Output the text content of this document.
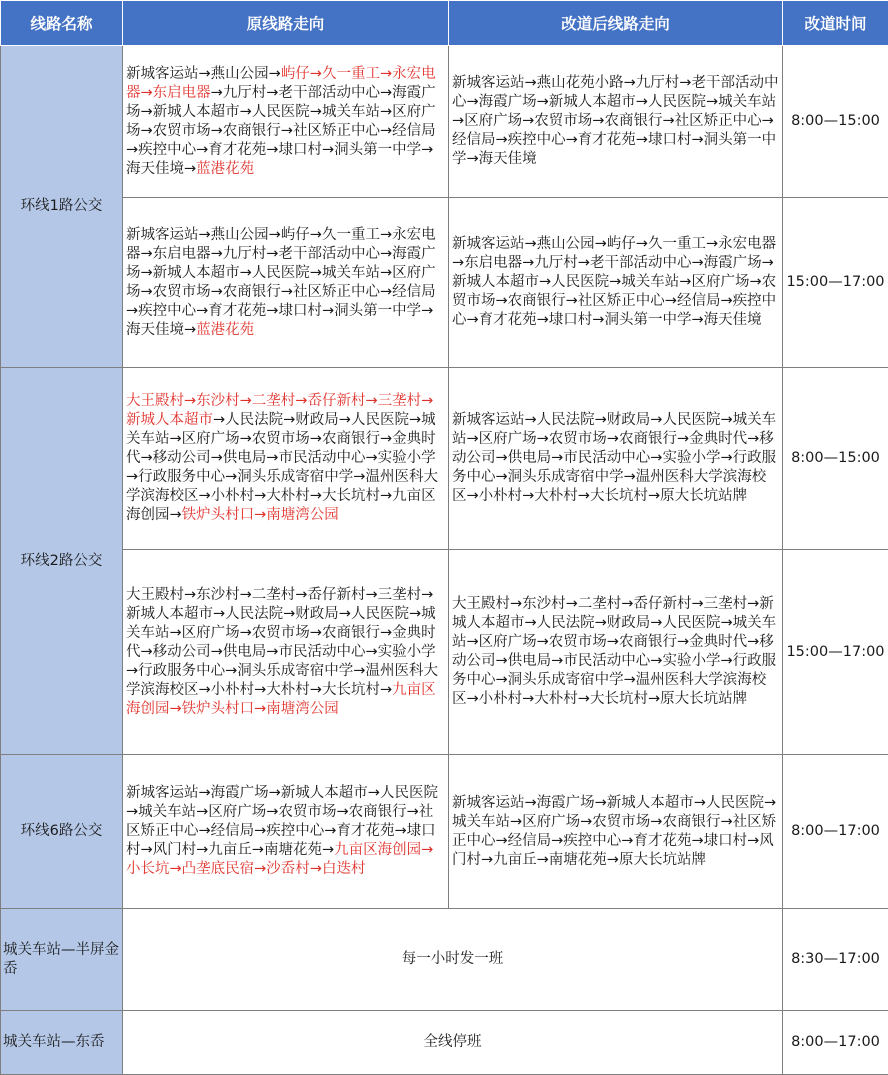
线路名称	原线路走向	改道后线路走向	改道时间
环线1路公交	新城客运站→燕山公园→屿仔→久一重工→永宏电器→东启电器→九厅村→老干部活动中心→海霞广场→新城人本超市→人民医院→城关车站→区府广场→农贸市场→农商银行→社区矫正中心→经信局→疾控中心→育才花苑→埭口村→洞头第一中学→海天佳境→蓝港花苑	新城客运站→燕山花苑小路→九厅村→老干部活动中心→海霞广场→新城人本超市→人民医院→城关车站→区府广场→农贸市场→农商银行→社区矫正中心→经信局→疾控中心→育才花苑→埭口村→洞头第一中学→海天佳境	8:00—15:00
	新城客运站→燕山公园→屿仔→久一重工→永宏电器→东启电器→九厅村→老干部活动中心→海霞广场→新城人本超市→人民医院→城关车站→区府广场→农贸市场→农商银行→社区矫正中心→经信局→疾控中心→育才花苑→埭口村→洞头第一中学→海天佳境→蓝港花苑	新城客运站→燕山公园→屿仔→久一重工→永宏电器→东启电器→九厅村→老干部活动中心→海霞广场→新城人本超市→人民医院→城关车站→区府广场→农贸市场→农商银行→社区矫正中心→经信局→疾控中心→育才花苑→埭口村→洞头第一中学→海天佳境	15:00—17:00
环线2路公交	大王殿村→东沙村→二垄村→岙仔新村→三垄村→新城人本超市→人民法院→财政局→人民医院→城关车站→区府广场→农贸市场→农商银行→金典时代→移动公司→供电局→市民活动中心→实验小学→行政服务中心→洞头乐成寄宿中学→温州医科大学滨海校区→小朴村→大朴村→大长坑村→九亩区海创园→铁炉头村口→南塘湾公园	新城客运站→人民法院→财政局→人民医院→城关车站→区府广场→农贸市场→农商银行→金典时代→移动公司→供电局→市民活动中心→实验小学→行政服务中心→洞头乐成寄宿中学→温州医科大学滨海校区→小朴村→大朴村→大长坑村→原大长坑站牌	8:00—15:00
	大王殿村→东沙村→二垄村→岙仔新村→三垄村→新城人本超市→人民法院→财政局→人民医院→城关车站→区府广场→农贸市场→农商银行→金典时代→移动公司→供电局→市民活动中心→实验小学→行政服务中心→洞头乐成寄宿中学→温州医科大学滨海校区→小朴村→大朴村→大长坑村→九亩区海创园→铁炉头村口→南塘湾公园	大王殿村→东沙村→二垄村→岙仔新村→三垄村→新城人本超市→人民法院→财政局→人民医院→城关车站→区府广场→农贸市场→农商银行→金典时代→移动公司→供电局→市民活动中心→实验小学→行政服务中心→洞头乐成寄宿中学→温州医科大学滨海校区→小朴村→大朴村→大长坑村→原大长坑站牌	15:00—17:00
环线6路公交	新城客运站→海霞广场→新城人本超市→人民医院→城关车站→区府广场→农贸市场→农商银行→社区矫正中心→经信局→疾控中心→育才花苑→埭口村→风门村→九亩丘→南塘花苑→九亩区海创园→小长坑→凸垄底民宿→沙岙村→白迭村	新城客运站→海霞广场→新城人本超市→人民医院→城关车站→区府广场→农贸市场→农商银行→社区矫正中心→经信局→疾控中心→育才花苑→埭口村→风门村→九亩丘→南塘花苑→原大长坑站牌	8:00—17:00
城关车站—半屏金岙	每一小时发一班		8:30—17:00
城关车站—东岙	全线停班		8:00—17:00
